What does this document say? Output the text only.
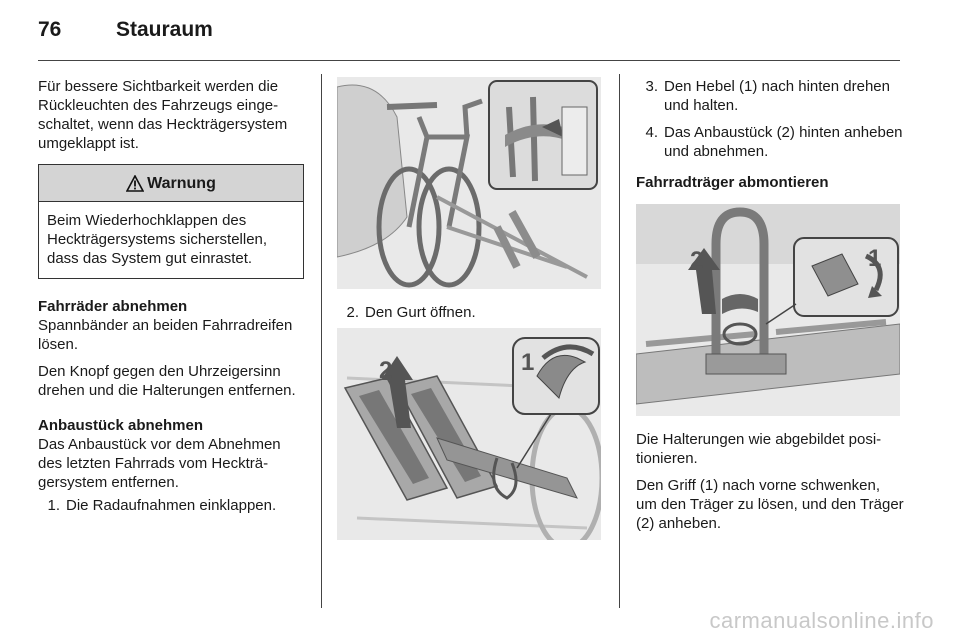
76	Stauraum

Für bessere Sichtbarkeit werden die Rückleuchten des Fahrzeugs eingeschaltet, wenn das Heckträgersystem umgeklappt ist.

Warnung
Beim Wiederhochklappen des Heckträgersystems sicherstellen, dass das System gut einrastet.
Fahrräder abnehmen

Spannbänder an beiden Fahrradreifen lösen.

Den Knopf gegen den Uhrzeigersinn drehen und die Halterungen entfernen.

Anbaustück abnehmen

Das Anbaustück vor dem Abnehmen des letzten Fahrrads vom Heckträgersystem entfernen.

1. Die Radaufnahmen einklappen.
2. Den Gurt öffnen.
2	1
3. Den Hebel (1) nach hinten drehen und halten.
4. Das Anbaustück (2) hinten anheben und abnehmen.
Fahrradträger abmontieren
2	1

Die Halterungen wie abgebildet positionieren.

Den Griff (1) nach vorne schwenken, um den Träger zu lösen, und den Träger (2) anheben.

carmanualsonline.info
